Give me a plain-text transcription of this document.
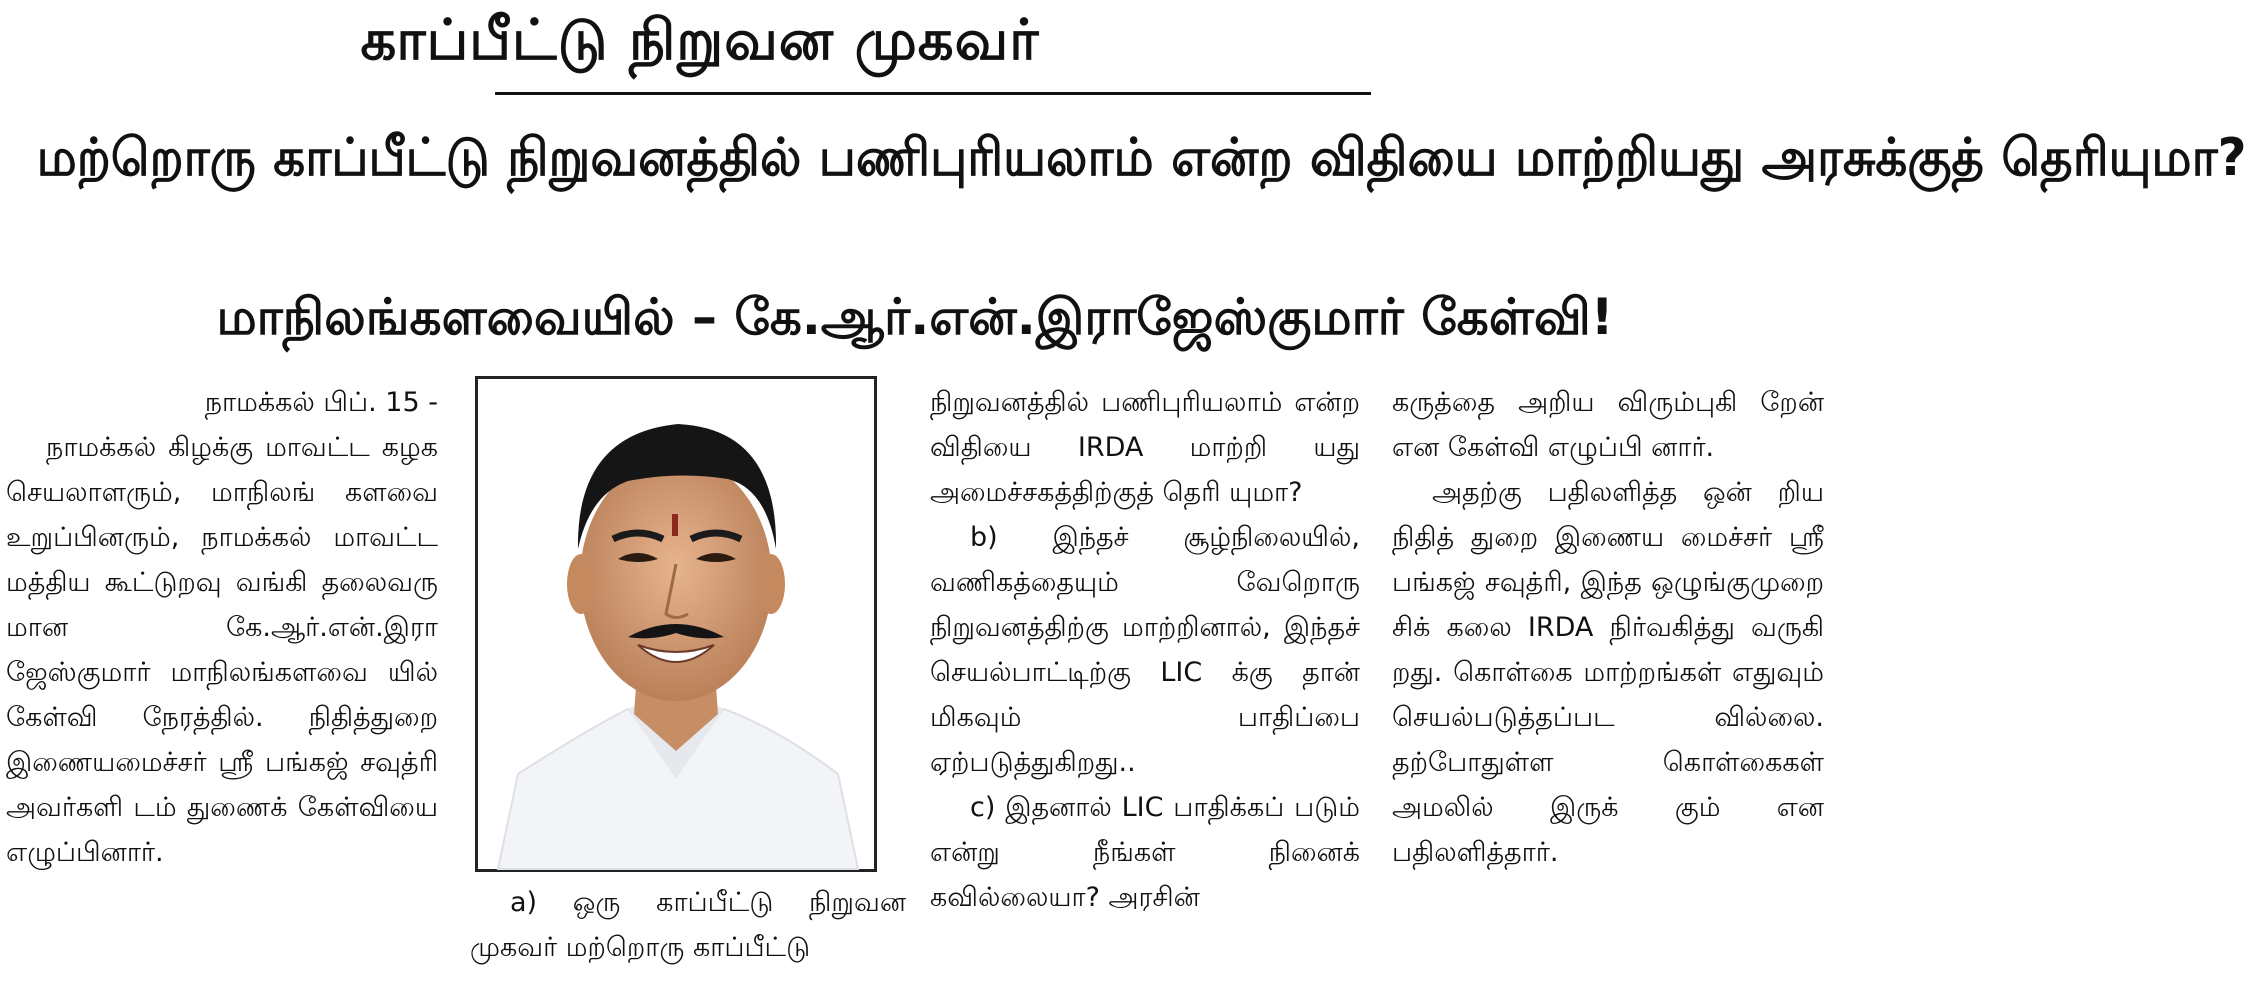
காப்பீட்டு நிறுவன முகவர்
மற்றொரு காப்பீட்டு நிறுவனத்தில் பணிபுரியலாம் என்ற விதியை மாற்றியது அரசுக்குத் தெரியுமா?
மாநிலங்களவையில் – கே.ஆர்.என்.இராஜேஸ்குமார் கேள்வி!
நாமக்கல் பிப். 15 -

நாமக்கல் கிழக்கு மாவட்ட கழக செயலாளரும், மாநிலங் களவை உறுப்பினரும், நாமக்கல் மாவட்ட மத்திய கூட்டுறவு வங்கி தலைவரு மான கே.ஆர்.என்.இரா ஜேஸ்குமார் மாநிலங்களவை யில் கேள்வி நேரத்தில். நிதித்துறை இணையமைச்சர் ஸ்ரீ பங்கஜ் சவுத்ரி அவர்களி டம் துணைக் கேள்வியை எழுப்பினார்.

a) ஒரு காப்பீட்டு நிறுவன முகவர் மற்றொரு காப்பீட்டு

நிறுவனத்தில் பணிபுரியலாம் என்ற விதியை IRDA மாற்றி யது அமைச்சகத்திற்குத் தெரி யுமா?

b) இந்தச் சூழ்நிலையில், வணிகத்தையும் வேறொரு நிறுவனத்திற்கு மாற்றினால், இந்தச் செயல்பாட்டிற்கு LIC க்கு தான் மிகவும் பாதிப்பை ஏற்படுத்துகிறது..

c) இதனால் LIC பாதிக்கப் படும் என்று நீங்கள் நினைக் கவில்லையா? அரசின்

கருத்தை அறிய விரும்புகி றேன் என கேள்வி எழுப்பி னார்.

அதற்கு பதிலளித்த ஒன் றிய நிதித் துறை இணைய மைச்சர் ஸ்ரீ பங்கஜ் சவுத்ரி, இந்த ஒழுங்குமுறை சிக் கலை IRDA நிர்வகித்து வருகி றது. கொள்கை மாற்றங்கள் எதுவும் செயல்படுத்தப்பட வில்லை. தற்போதுள்ள கொள்கைகள் அமலில் இருக் கும் என பதிலளித்தார்.
